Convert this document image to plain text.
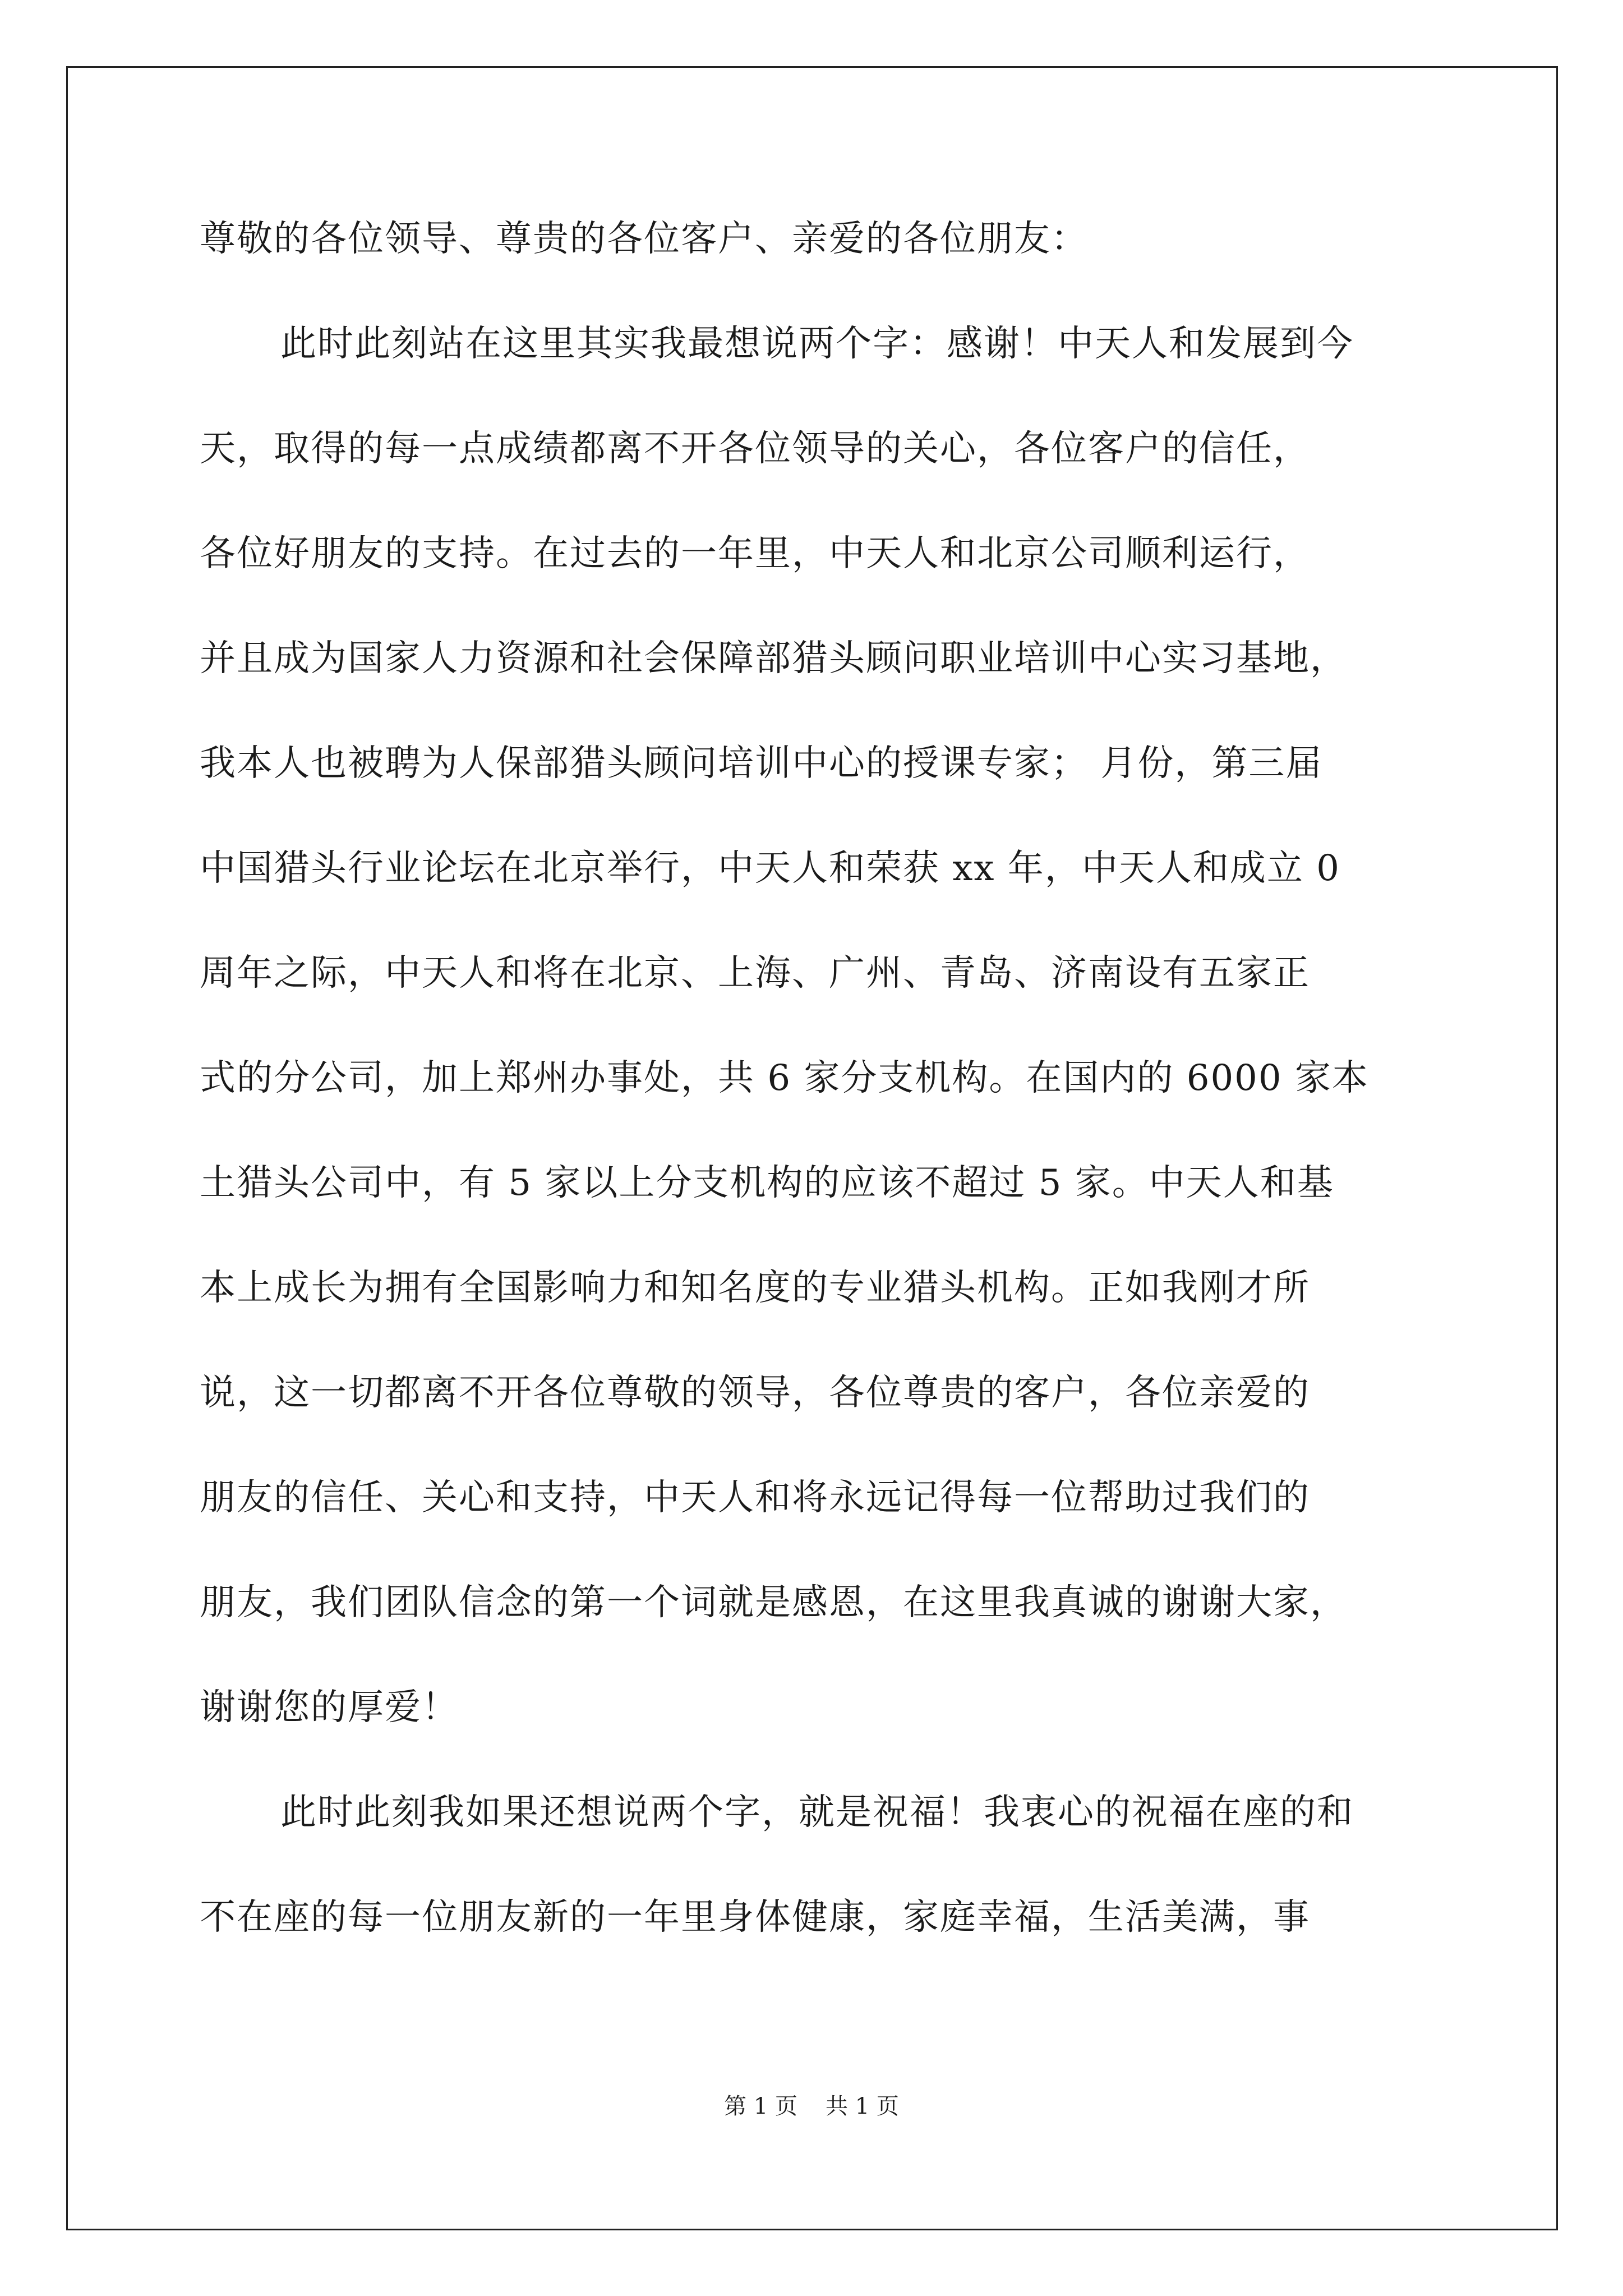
尊敬的各位领导、尊贵的各位客户、亲爱的各位朋友：
此时此刻站在这里其实我最想说两个字：感谢！中天人和发展到今
天，取得的每一点成绩都离不开各位领导的关心，各位客户的信任，
各位好朋友的支持。在过去的一年里，中天人和北京公司顺利运行，
并且成为国家人力资源和社会保障部猎头顾问职业培训中心实习基地，
我本人也被聘为人保部猎头顾问培训中心的授课专家； 月份，第三届
中国猎头行业论坛在北京举行，中天人和荣获 xx 年，中天人和成立 0
周年之际，中天人和将在北京、上海、广州、青岛、济南设有五家正
式的分公司，加上郑州办事处，共 6 家分支机构。在国内的 6000 家本
土猎头公司中，有 5 家以上分支机构的应该不超过 5 家。中天人和基
本上成长为拥有全国影响力和知名度的专业猎头机构。正如我刚才所
说，这一切都离不开各位尊敬的领导，各位尊贵的客户，各位亲爱的
朋友的信任、关心和支持，中天人和将永远记得每一位帮助过我们的
朋友，我们团队信念的第一个词就是感恩，在这里我真诚的谢谢大家，
谢谢您的厚爱！
此时此刻我如果还想说两个字，就是祝福！我衷心的祝福在座的和
不在座的每一位朋友新的一年里身体健康，家庭幸福，生活美满，事
第 1 页 共 1 页
